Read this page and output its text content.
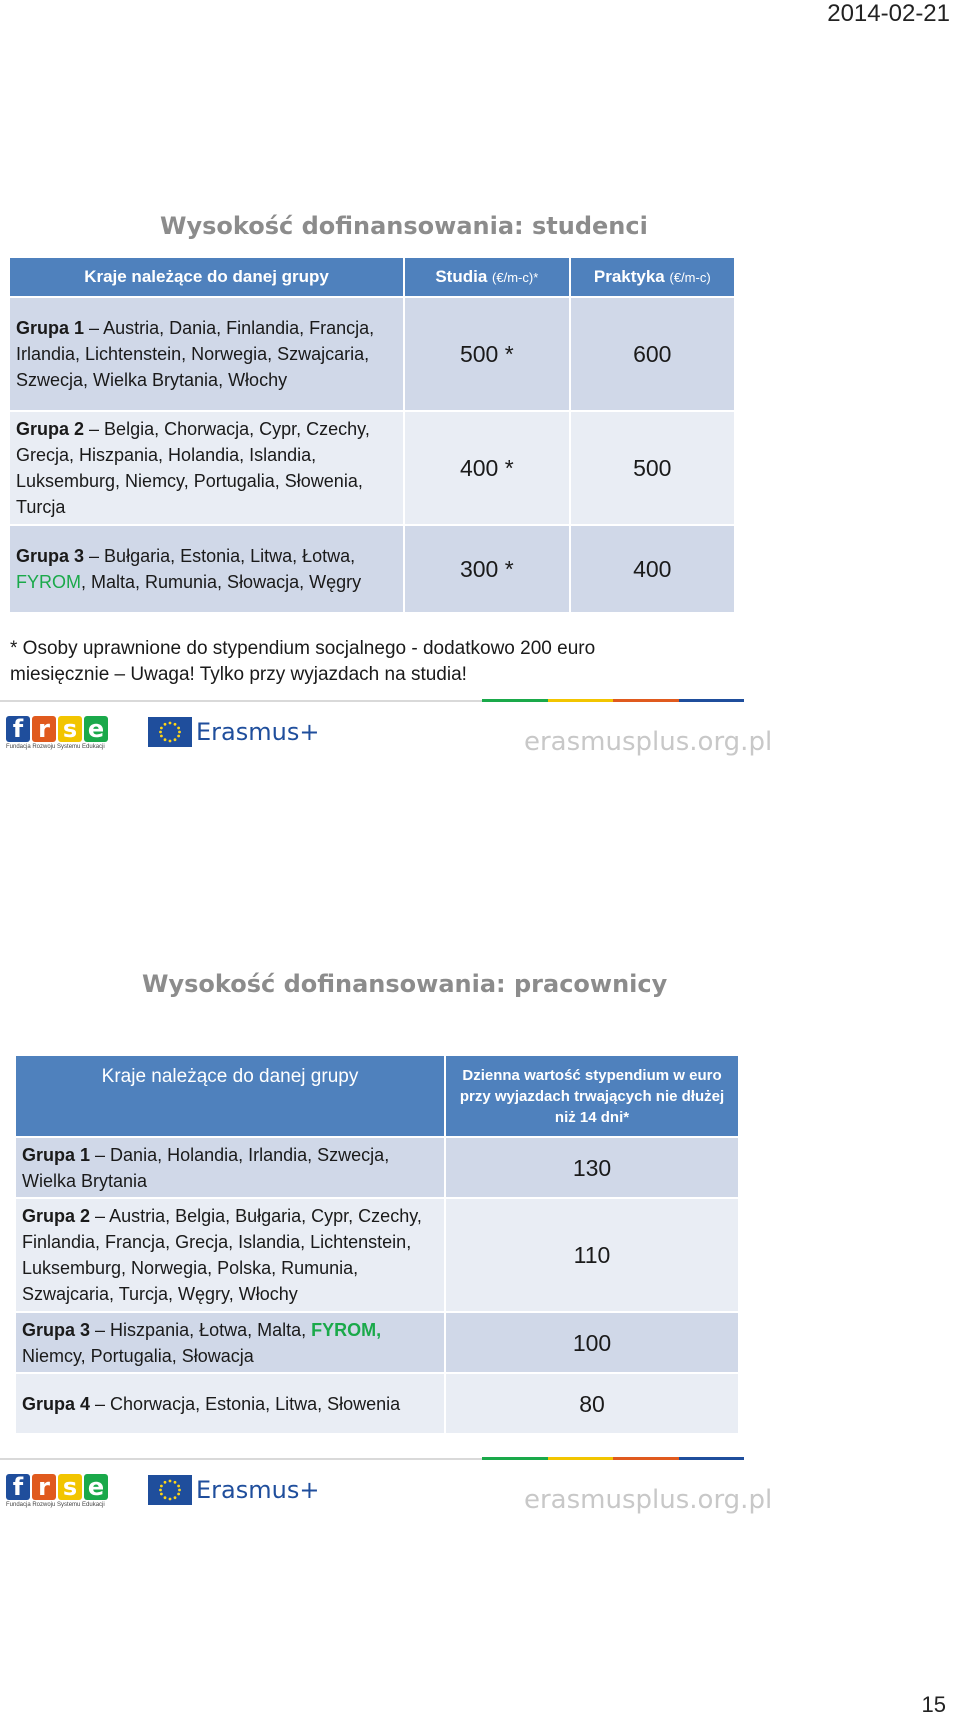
2014-02-21
Wysokość dofinansowania: studenci
Kraje należące do danej grupy	Studia (€/m-c)*	Praktyka (€/m-c)
Grupa 1 – Austria, Dania, Finlandia, Francja, Irlandia, Lichtenstein, Norwegia, Szwajcaria, Szwecja, Wielka Brytania, Włochy	500 *	600
Grupa 2 – Belgia, Chorwacja, Cypr, Czechy, Grecja, Hiszpania, Holandia, Islandia, Luksemburg, Niemcy, Portugalia, Słowenia, Turcja	400 *	500
Grupa 3 – Bułgaria, Estonia, Litwa, Łotwa, FYROM, Malta, Rumunia, Słowacja, Węgry	300 *	400
* Osoby uprawnione do stypendium socjalnego - dodatkowo 200 euro miesięcznie – Uwaga! Tylko przy wyjazdach na studia!
f r s e
Fundacja Rozwoju Systemu Edukacji
Erasmus+	erasmusplus.org.pl
Wysokość dofinansowania: pracownicy
Kraje należące do danej grupy	Dzienna wartość stypendium w euro przy wyjazdach trwających nie dłużej niż 14 dni*
Grupa 1 – Dania, Holandia, Irlandia, Szwecja, Wielka Brytania	130
Grupa 2 – Austria, Belgia, Bułgaria, Cypr, Czechy, Finlandia, Francja, Grecja, Islandia, Lichtenstein, Luksemburg, Norwegia, Polska, Rumunia, Szwajcaria, Turcja, Węgry, Włochy	110
Grupa 3 – Hiszpania, Łotwa, Malta, FYROM, Niemcy, Portugalia, Słowacja	100
Grupa 4 – Chorwacja, Estonia, Litwa, Słowenia	80
f r s e
Fundacja Rozwoju Systemu Edukacji
Erasmus+	erasmusplus.org.pl
15
